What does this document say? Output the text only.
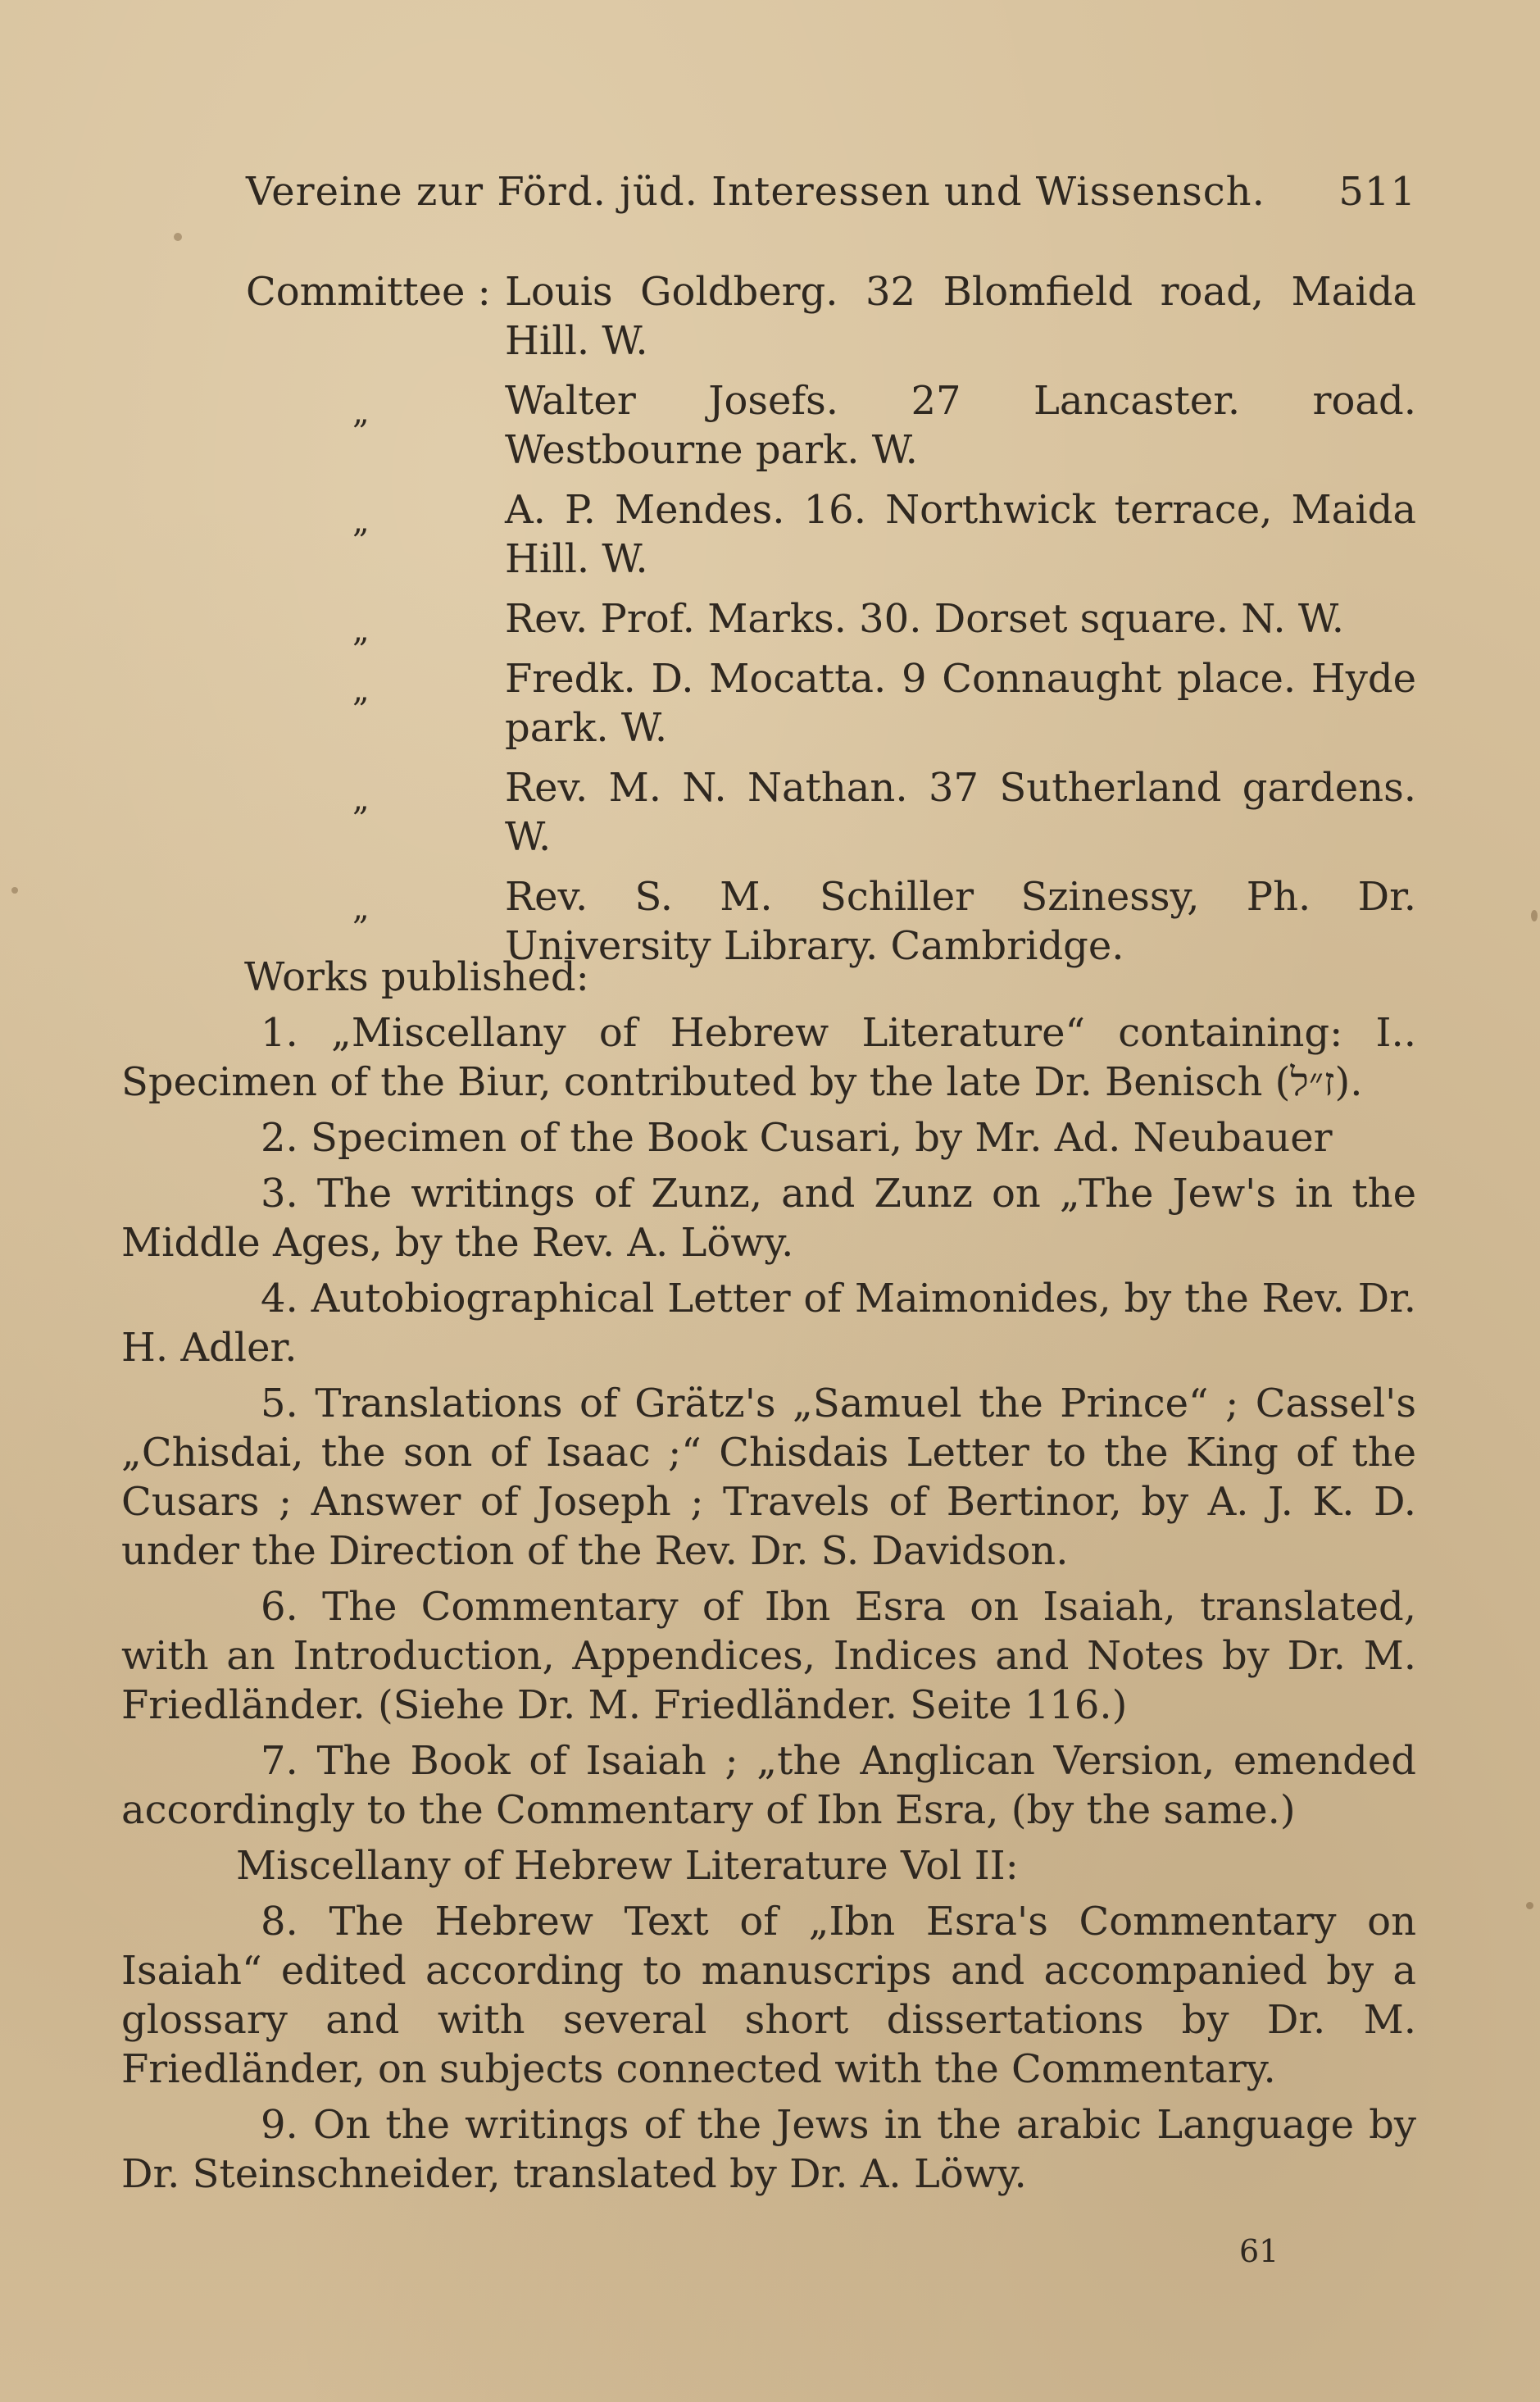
Vereine zur Förd. jüd. Interessen und Wissensch. 511
Committee : Louis Goldberg. 32 Blomfield road, Maida Hill. W.
„	Walter Josefs. 27 Lancaster. road. Westbourne park. W.
„	A. P. Mendes. 16. Northwick terrace, Maida Hill. W.
„	Rev. Prof. Marks. 30. Dorset square. N. W.
„	Fredk. D. Mocatta. 9 Connaught place. Hyde park. W.
„	Rev. M. N. Nathan. 37 Sutherland gardens. W.
„	Rev. S. M. Schiller Szinessy, Ph. Dr. University Library. Cambridge.
Works published:

1. „Miscellany of Hebrew Literature“ containing: I.. Specimen of the Biur, contributed by the late Dr. Benisch (ז״ל).

2. Specimen of the Book Cusari, by Mr. Ad. Neubauer

3. The writings of Zunz, and Zunz on „The Jew's in the Middle Ages, by the Rev. A. Löwy.

4. Autobiographical Letter of Maimonides, by the Rev. Dr. H. Adler.

5. Translations of Grätz's „Samuel the Prince“ ; Cassel's „Chisdai, the son of Isaac ;“ Chisdais Letter to the King of the Cusars ; Answer of Joseph ; Travels of Bertinor, by A. J. K. D. under the Direction of the Rev. Dr. S. Davidson.

6. The Commentary of Ibn Esra on Isaiah, translated, with an Introduction, Appendices, Indices and Notes by Dr. M. Friedländer. (Siehe Dr. M. Friedländer. Seite 116.)

7. The Book of Isaiah ; „the Anglican Version, emended accordingly to the Commentary of Ibn Esra, (by the same.)

Miscellany of Hebrew Literature Vol II:

8. The Hebrew Text of „Ibn Esra's Commentary on Isaiah“ edited according to manuscrips and accompanied by a glossary and with several short dissertations by Dr. M. Friedländer, on subjects connected with the Commentary.

9. On the writings of the Jews in the arabic Language by Dr. Steinschneider, translated by Dr. A. Löwy.

61
